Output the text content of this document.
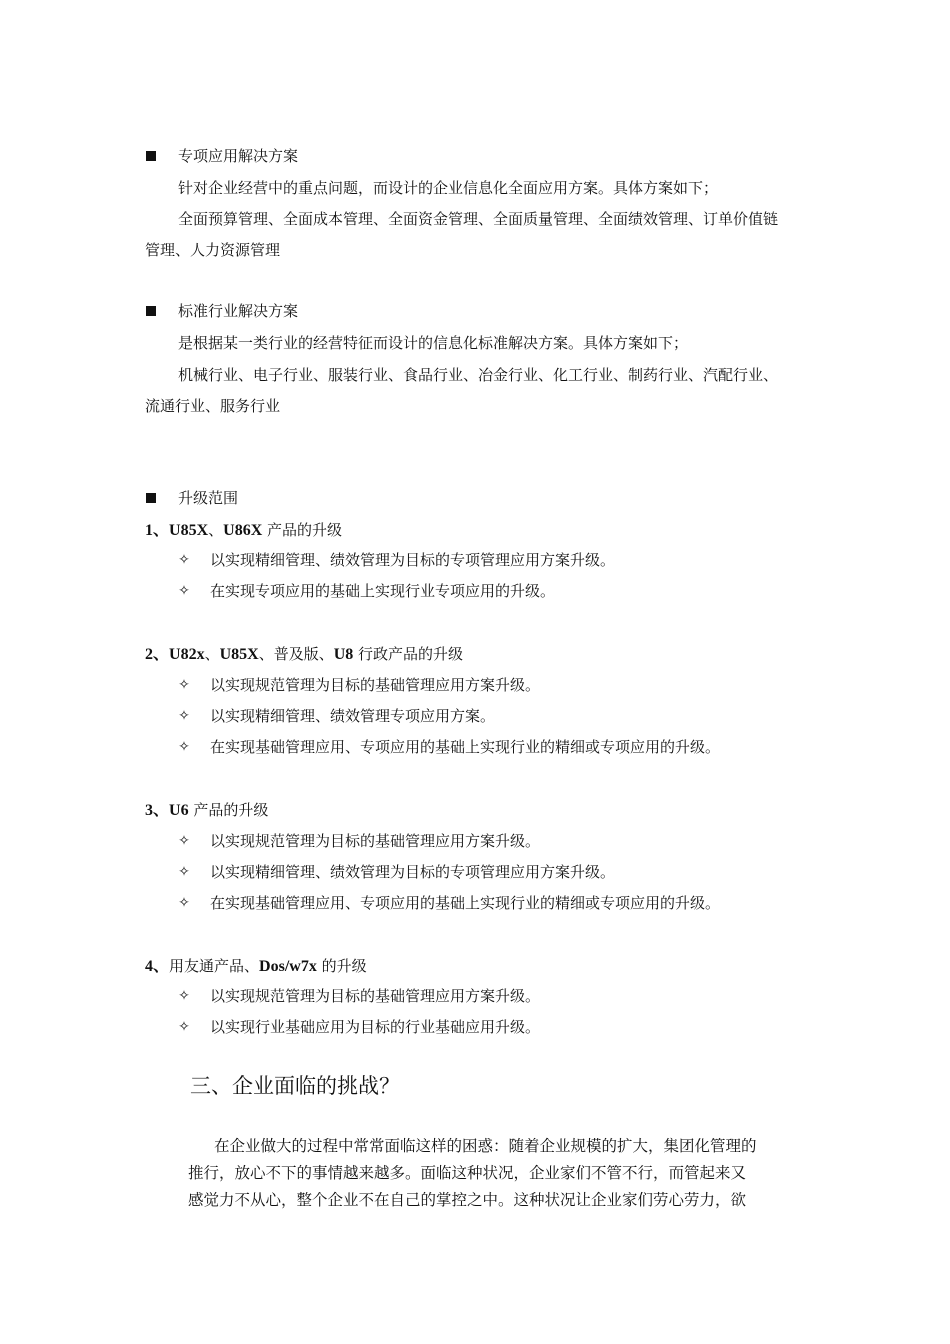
专项应用解决方案
针对企业经营中的重点问题，而设计的企业信息化全面应用方案。具体方案如下；
全面预算管理、全面成本管理、全面资金管理、全面质量管理、全面绩效管理、订单价值链
管理、人力资源管理
标准行业解决方案
是根据某一类行业的经营特征而设计的信息化标准解决方案。具体方案如下；
机械行业、电子行业、服装行业、食品行业、冶金行业、化工行业、制药行业、汽配行业、
流通行业、服务行业
升级范围
1、U85X、U86X 产品的升级
✧ 以实现精细管理、绩效管理为目标的专项管理应用方案升级。
✧ 在实现专项应用的基础上实现行业专项应用的升级。
2、U82x、U85X、普及版、U8 行政产品的升级
✧ 以实现规范管理为目标的基础管理应用方案升级。
✧ 以实现精细管理、绩效管理专项应用方案。
✧ 在实现基础管理应用、专项应用的基础上实现行业的精细或专项应用的升级。
3、U6 产品的升级
✧ 以实现规范管理为目标的基础管理应用方案升级。
✧ 以实现精细管理、绩效管理为目标的专项管理应用方案升级。
✧ 在实现基础管理应用、专项应用的基础上实现行业的精细或专项应用的升级。
4、用友通产品、Dos/w7x 的升级
✧ 以实现规范管理为目标的基础管理应用方案升级。
✧ 以实现行业基础应用为目标的行业基础应用升级。
三、企业面临的挑战？
在企业做大的过程中常常面临这样的困惑：随着企业规模的扩大，集团化管理的
推行，放心不下的事情越来越多。面临这种状况，企业家们不管不行，而管起来又
感觉力不从心，整个企业不在自己的掌控之中。这种状况让企业家们劳心劳力，欲
